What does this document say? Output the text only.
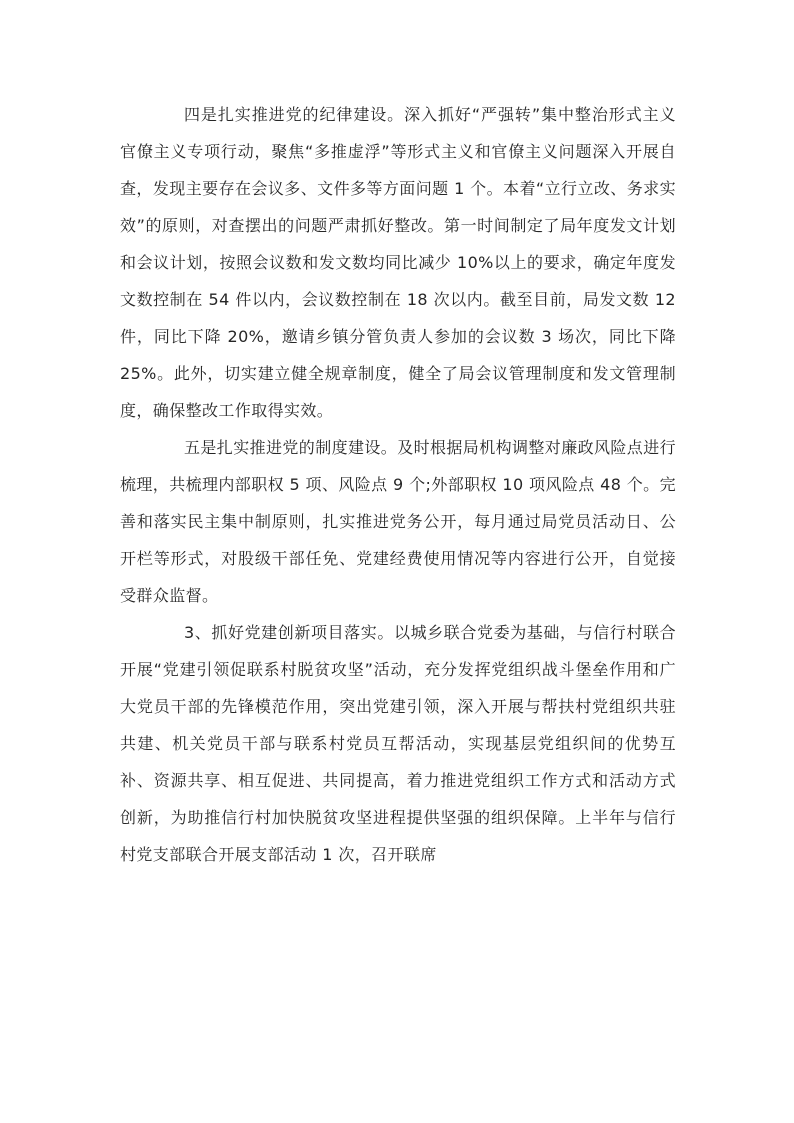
四是扎实推进党的纪律建设。深入抓好“严强转”集中整治形式主义官僚主义专项行动，聚焦“多推虚浮”等形式主义和官僚主义问题深入开展自查，发现主要存在会议多、文件多等方面问题 1 个。本着“立行立改、务求实效”的原则，对查摆出的问题严肃抓好整改。第一时间制定了局年度发文计划和会议计划，按照会议数和发文数均同比减少 10%以上的要求，确定年度发文数控制在 54 件以内，会议数控制在 18 次以内。截至目前，局发文数 12 件，同比下降 20%，邀请乡镇分管负责人参加的会议数 3 场次，同比下降 25%。此外，切实建立健全规章制度，健全了局会议管理制度和发文管理制度，确保整改工作取得实效。

五是扎实推进党的制度建设。及时根据局机构调整对廉政风险点进行梳理，共梳理内部职权 5 项、风险点 9 个;外部职权 10 项风险点 48 个。完善和落实民主集中制原则，扎实推进党务公开，每月通过局党员活动日、公开栏等形式，对股级干部任免、党建经费使用情况等内容进行公开，自觉接受群众监督。

3、抓好党建创新项目落实。以城乡联合党委为基础，与信行村联合开展“党建引领促联系村脱贫攻坚”活动，充分发挥党组织战斗堡垒作用和广大党员干部的先锋模范作用，突出党建引领，深入开展与帮扶村党组织共驻共建、机关党员干部与联系村党员互帮活动，实现基层党组织间的优势互补、资源共享、相互促进、共同提高，着力推进党组织工作方式和活动方式创新，为助推信行村加快脱贫攻坚进程提供坚强的组织保障。上半年与信行村党支部联合开展支部活动 1 次，召开联席
